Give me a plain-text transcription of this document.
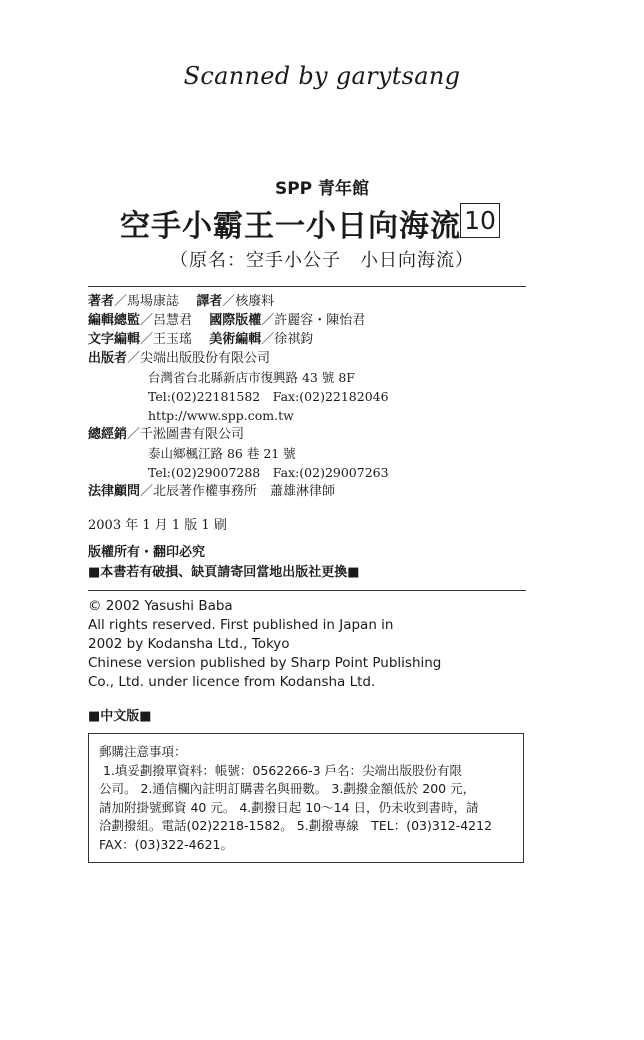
Scanned by garytsang
SPP 青年館
空手小霸王一小日向海流 10
（原名：空手小公子　小日向海流）
著者／馬場康誌　 譯者／核廢料
編輯總監／呂慧君　 國際版權／許麗容・陳怡君
文字編輯／王玉瑤　 美術編輯／徐祺鈞
出版者／尖端出版股份有限公司
台灣省台北縣新店市復興路 43 號 8F
Tel:(02)22181582　Fax:(02)22182046
http://www.spp.com.tw
總經銷／千淞圖書有限公司
泰山鄉楓江路 86 巷 21 號
Tel:(02)29007288　Fax:(02)29007263
法律顧問／北辰著作權事務所　蕭雄淋律師
2003 年 1 月 1 版 1 刷
版權所有・翻印必究
■本書若有破損、缺頁請寄回當地出版社更換■
© 2002 Yasushi Baba
All rights reserved. First published in Japan in
2002 by Kodansha Ltd., Tokyo
Chinese version published by Sharp Point Publishing
Co., Ltd. under licence from Kodansha Ltd.
■中文版■
郵購注意事項：
1.填妥劃撥單資料：帳號：0562266-3 戶名：尖端出版股份有限
公司。 2.通信欄內註明訂購書名與冊數。 3.劃撥金額低於 200 元，
請加附掛號郵資 40 元。 4.劃撥日起 10～14 日，仍未收到書時，請
洽劃撥組。電話(02)2218-1582。 5.劃撥專線　TEL：(03)312-4212
FAX：(03)322-4621。
